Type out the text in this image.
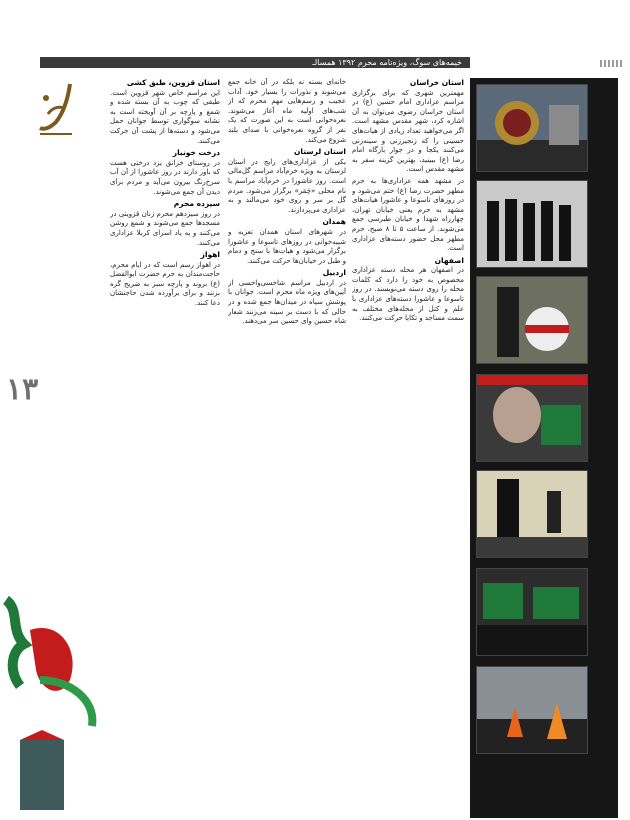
۱۳
خیمه‌های سوگ، ویژه‌نامه محرم ۱۳۹۲ همسالـ

استان قزوین، طبق کشی
این مراسم خاص شهر قزوین است. طبقی که چوب به آن بسته شده و شمع و پارچه بر آن آویخته است به نشانه سوگواری توسط جوانان حمل می‌شود و دسته‌ها از پشت آن حرکت می‌کنند.

درخت خونبار
در روستای خرانق یزد درختی هست که باور دارند در روز عاشورا از آن آب سرخ‌رنگ بیرون می‌آید و مردم برای دیدن آن جمع می‌شوند.

سیزده محرم
در روز سیزدهم محرم زنان قزوینی در مسجدها جمع می‌شوند و شمع روشن می‌کنند و به یاد اسرای کربلا عزاداری می‌کنند.

اهواز
در اهواز رسم است که در ایام محرم، حاجت‌مندان به حرم حضرت ابوالفضل (ع) بروند و پارچه سبز به ضریح گره بزنند و برای برآورده شدن حاجتشان دعا کنند.

خانه‌ای بسته نه بلکه در آن خانه جمع می‌شوند و نذورات را بسیار خود. آداب عجیب و رسم‌هایی مهم محرم که از شب‌های اولیه ماه آغاز می‌شوند. نعره‌خوانی است به این صورت که یک نفر از گروه نعره‌خوانی با صدای بلند شروع می‌کند.

استان لرستان
یکی از عزاداری‌های رایج در استان لرستان به ویژه خرم‌آباد مراسم گل‌مالی است. روز عاشورا در خرم‌آباد مراسم با نام محلی «چَمَر» برگزار می‌شود. مردم گل بر سر و روی خود می‌مالند و به عزاداری می‌پردازند.

همدان
در شهرهای استان همدان تعزیه و شبیه‌خوانی در روزهای تاسوعا و عاشورا برگزار می‌شود و هیات‌ها با سنج و دمام و طبل در خیابان‌ها حرکت می‌کنند.

اردبیل
در اردبیل مراسم شاخسی‌واخسی از آیین‌های ویژه ماه محرم است. جوانان با پوشش سیاه در میدان‌ها جمع شده و در حالی که با دست بر سینه می‌زنند شعار شاه حسین وای حسین سر می‌دهند.

استان خراسان
مهمترین شهری که برای برگزاری مراسم عزاداری امام حسین (ع) در استان خراسان رضوی می‌توان به آن اشاره کرد، شهر مقدس مشهد است. اگر می‌خواهید تعداد زیادی از هیات‌های حسینی را که زنجیرزنی و سینه‌زنی می‌کنند یکجا و در جوار بارگاه امام رضا (ع) ببینید، بهترین گزینه سفر به مشهد مقدس است.

در مشهد همه عزاداری‌ها به حرم مطهر حضرت رضا (ع) ختم می‌شود و در روزهای تاسوعا و عاشورا هیات‌های مشهد به حرم یعنی خیابان تهران، چهارراه شهدا و خیابان طبرسی جمع می‌شوند. از ساعت ۵ تا ۸ صبح، حرم مطهر محل حضور دسته‌های عزاداری است.

اصفهان
در اصفهان هر محله دسته عزاداری مخصوص به خود را دارد که کلمات محله را روی دسته می‌نویسند. در روز تاسوعا و عاشورا دسته‌های عزاداری با علم و کتل از محله‌های مختلف به سمت مساجد و تکایا حرکت می‌کنند.
